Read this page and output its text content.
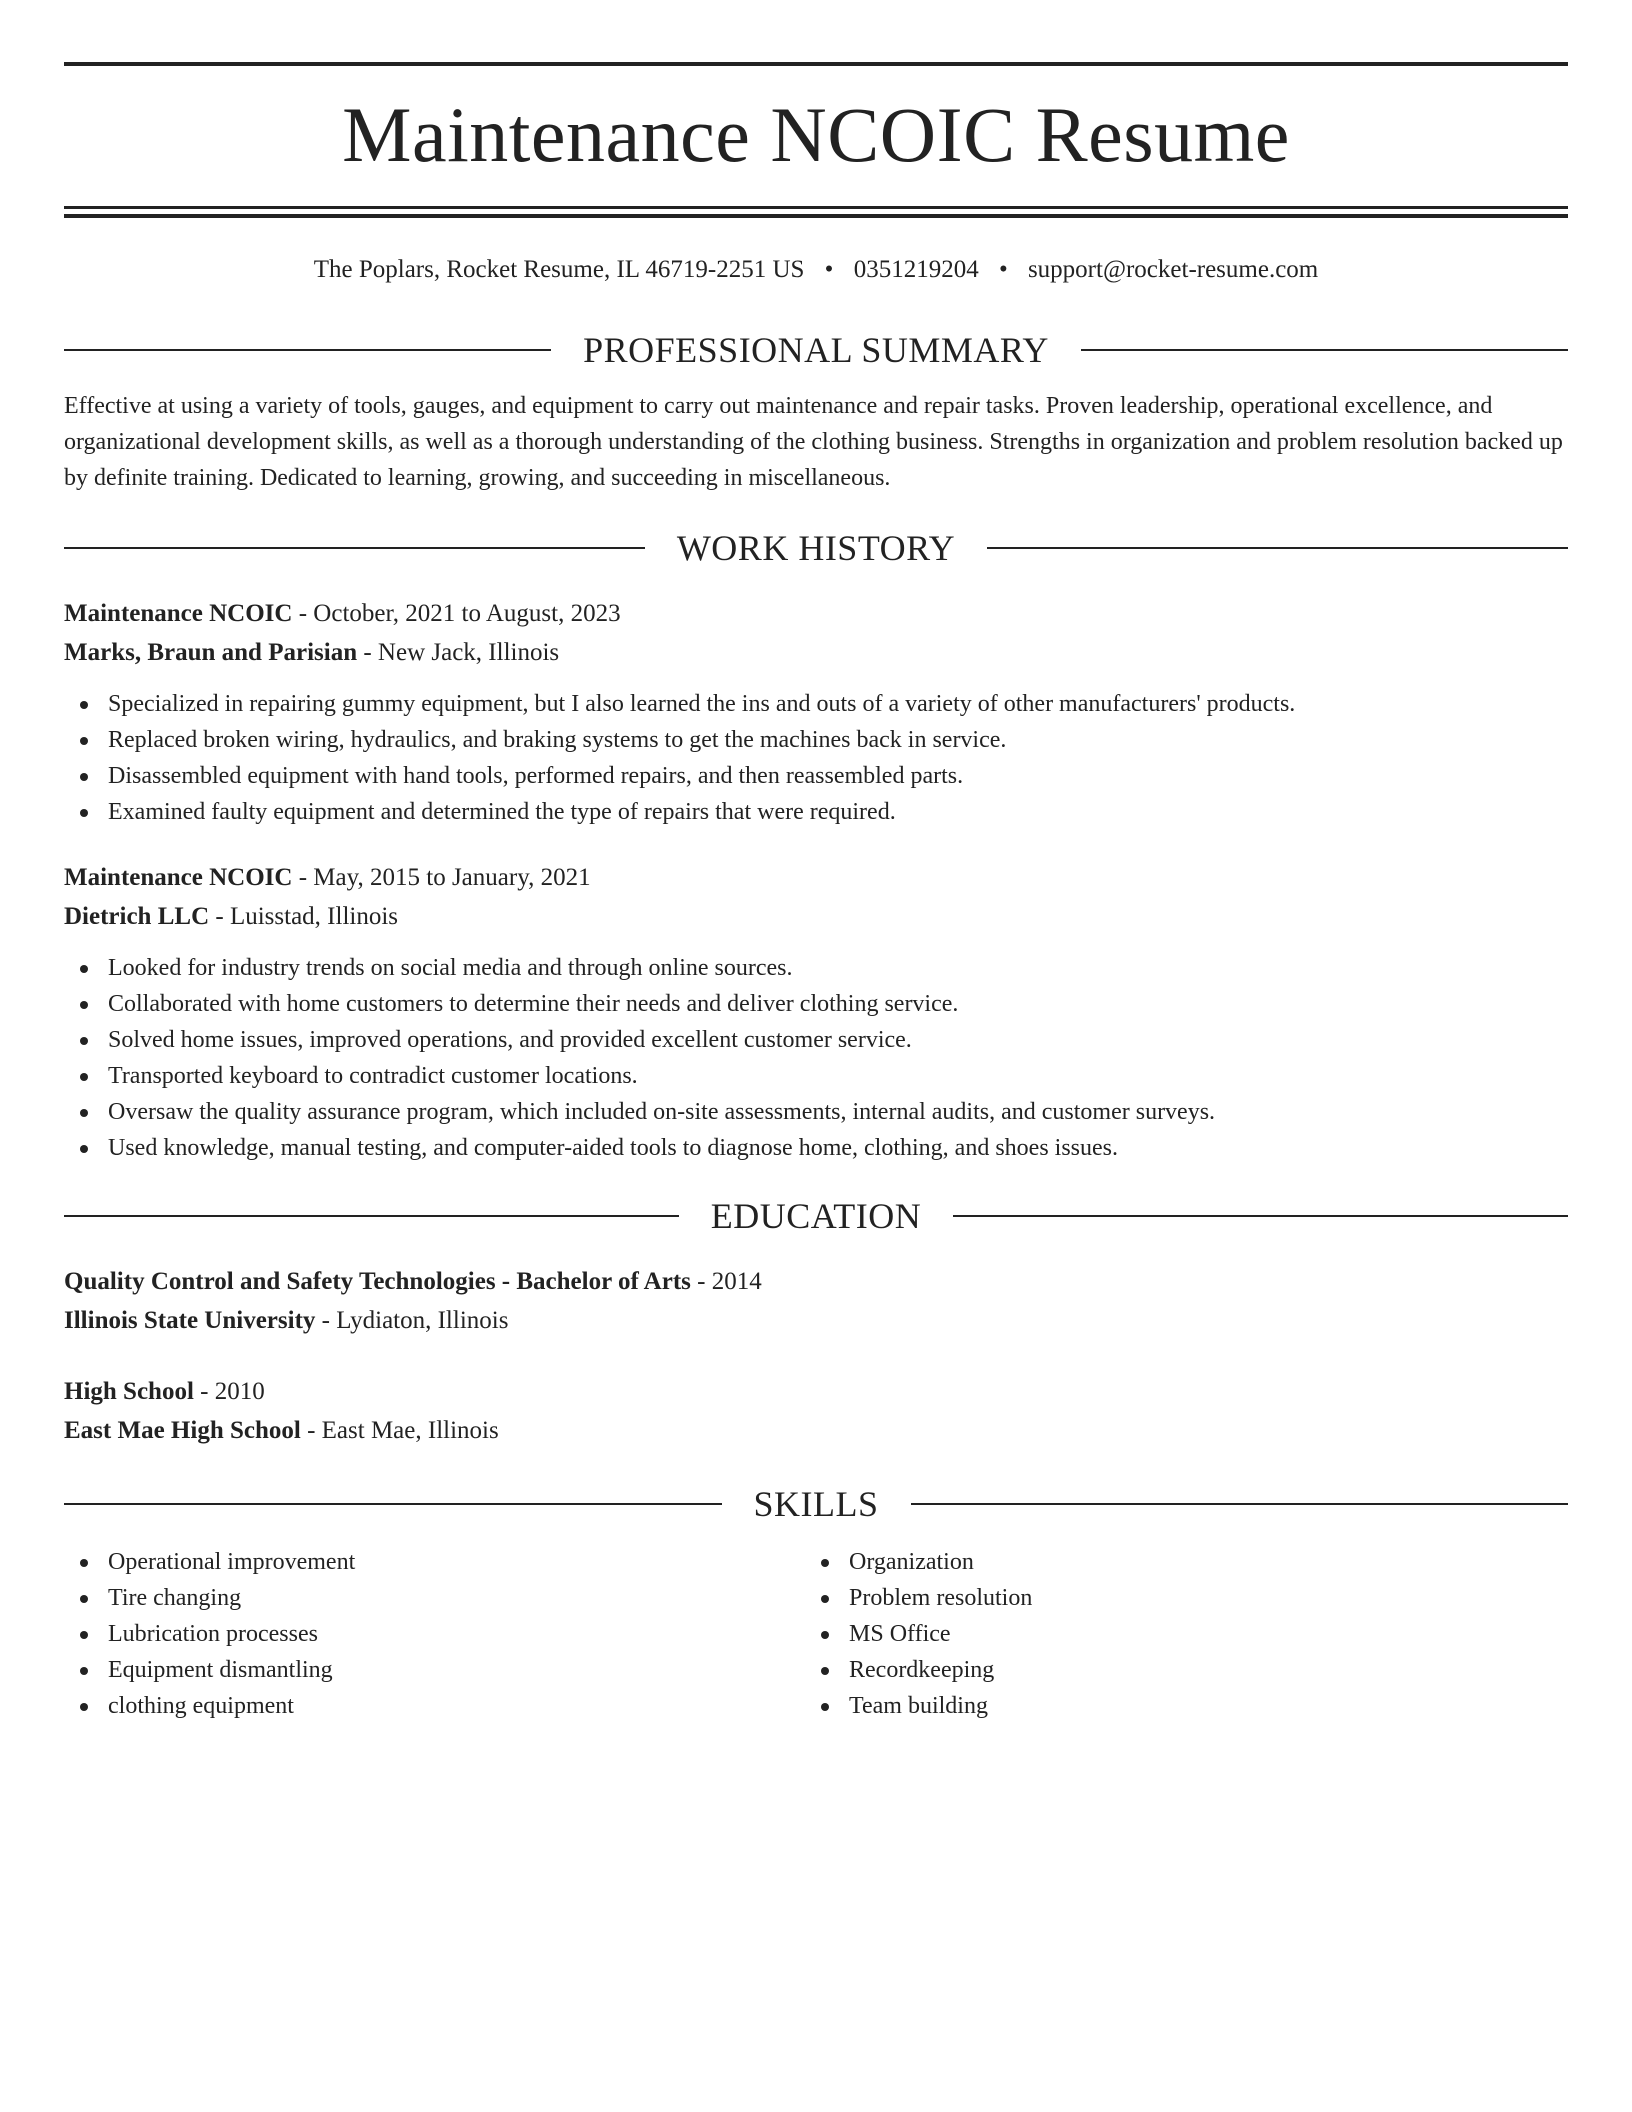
Maintenance NCOIC Resume
The Poplars, Rocket Resume, IL 46719-2251 US • 0351219204 • support@rocket-resume.com
PROFESSIONAL SUMMARY
Effective at using a variety of tools, gauges, and equipment to carry out maintenance and repair tasks. Proven leadership, operational excellence, and organizational development skills, as well as a thorough understanding of the clothing business. Strengths in organization and problem resolution backed up by definite training. Dedicated to learning, growing, and succeeding in miscellaneous.
WORK HISTORY
Maintenance NCOIC - October, 2021 to August, 2023
Marks, Braun and Parisian - New Jack, Illinois
Specialized in repairing gummy equipment, but I also learned the ins and outs of a variety of other manufacturers' products.
Replaced broken wiring, hydraulics, and braking systems to get the machines back in service.
Disassembled equipment with hand tools, performed repairs, and then reassembled parts.
Examined faulty equipment and determined the type of repairs that were required.
Maintenance NCOIC - May, 2015 to January, 2021
Dietrich LLC - Luisstad, Illinois
Looked for industry trends on social media and through online sources.
Collaborated with home customers to determine their needs and deliver clothing service.
Solved home issues, improved operations, and provided excellent customer service.
Transported keyboard to contradict customer locations.
Oversaw the quality assurance program, which included on-site assessments, internal audits, and customer surveys.
Used knowledge, manual testing, and computer-aided tools to diagnose home, clothing, and shoes issues.
EDUCATION
Quality Control and Safety Technologies - Bachelor of Arts - 2014
Illinois State University - Lydiaton, Illinois
High School - 2010
East Mae High School - East Mae, Illinois
SKILLS
Operational improvement
Tire changing
Lubrication processes
Equipment dismantling
clothing equipment
Organization
Problem resolution
MS Office
Recordkeeping
Team building
